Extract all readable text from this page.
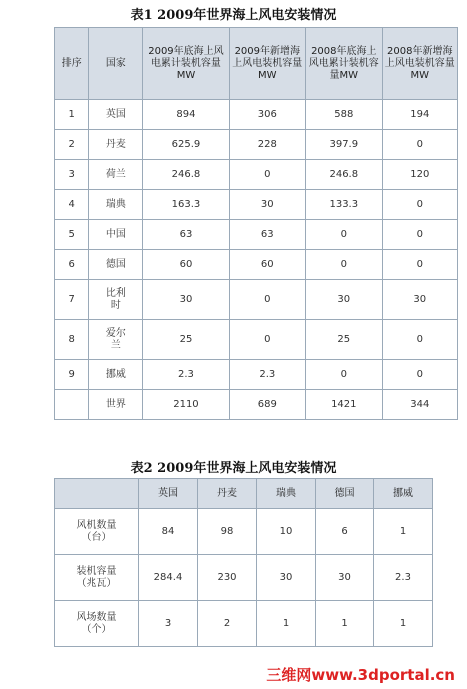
表1 2009年世界海上风电安装情况
排序	国家	2009年底海上风电累计装机容量MW	2009年新增海上风电装机容量MW	2008年底海上风电累计装机容量MW	2008年新增海上风电装机容量MW
1	英国	894	306	588	194
2	丹麦	625.9	228	397.9	0
3	荷兰	246.8	0	246.8	120
4	瑞典	163.3	30	133.3	0
5	中国	63	63	0	0
6	德国	60	60	0	0
7	比利时	30	0	30	30
8	爱尔兰	25	0	25	0
9	挪威	2.3	2.3	0	0
	世界	2110	689	1421	344
表2 2009年世界海上风电安装情况
	英国	丹麦	瑞典	德国	挪威
风机数量（台）	84	98	10	6	1
装机容量（兆瓦）	284.4	230	30	30	2.3
风场数量（个）	3	2	1	1	1
三维网www.3dportal.cn
